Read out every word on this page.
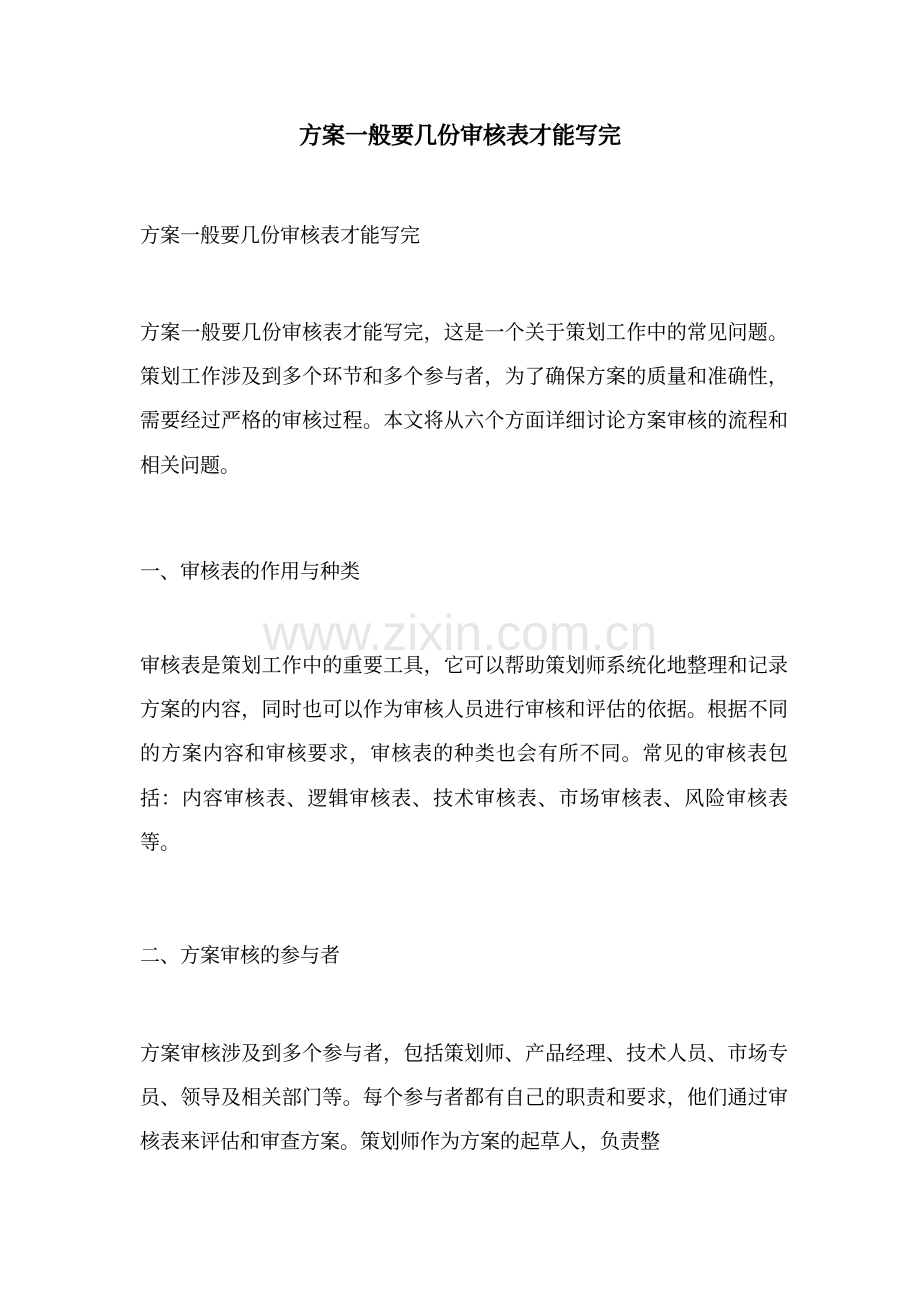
方案一般要几份审核表才能写完

方案一般要几份审核表才能写完

方案一般要几份审核表才能写完，这是一个关于策划工作中的常见问题。策划工作涉及到多个环节和多个参与者，为了确保方案的质量和准确性，需要经过严格的审核过程。本文将从六个方面详细讨论方案审核的流程和相关问题。

一、审核表的作用与种类

审核表是策划工作中的重要工具，它可以帮助策划师系统化地整理和记录方案的内容，同时也可以作为审核人员进行审核和评估的依据。根据不同的方案内容和审核要求，审核表的种类也会有所不同。常见的审核表包括：内容审核表、逻辑审核表、技术审核表、市场审核表、风险审核表等。

二、方案审核的参与者

方案审核涉及到多个参与者，包括策划师、产品经理、技术人员、市场专员、领导及相关部门等。每个参与者都有自己的职责和要求，他们通过审核表来评估和审查方案。策划师作为方案的起草人，负责整

www.zixin.com.cn
